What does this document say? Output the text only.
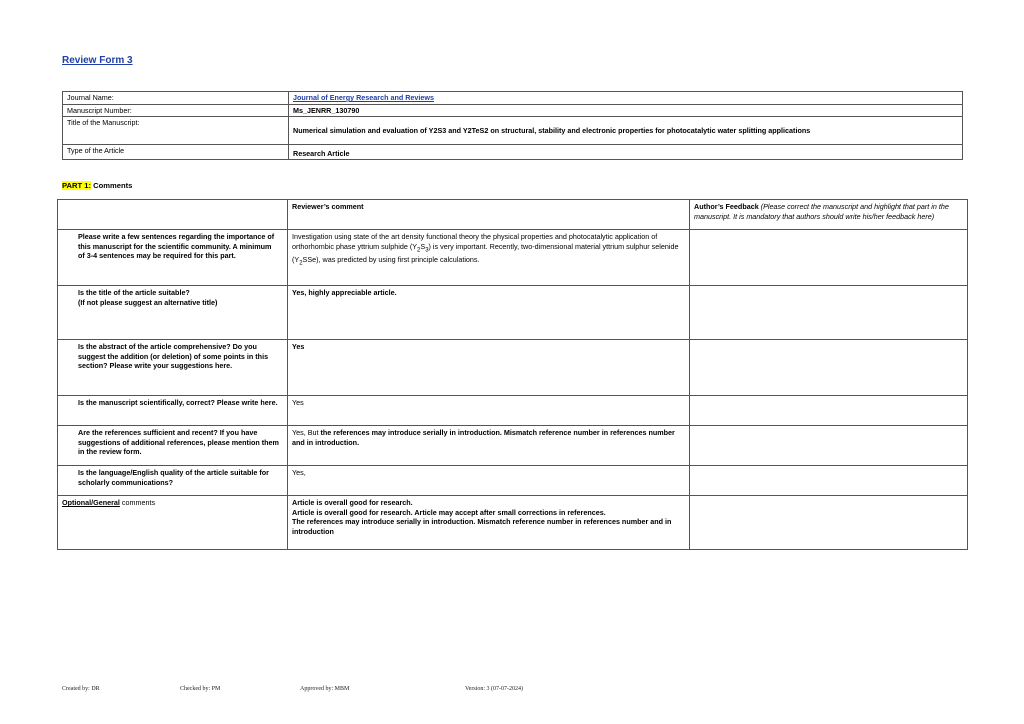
Review Form 3
Journal Name:	Journal of Energy Research and Reviews
Manuscript Number:	Ms_JENRR_130790
Title of the Manuscript:	Numerical simulation and evaluation of Y2S3 and Y2TeS2 on structural, stability and electronic properties for photocatalytic water splitting applications
Type of the Article	Research Article
PART 1: Comments
	Reviewer’s comment	Author’s Feedback (Please correct the manuscript and highlight that part in the manuscript. It is mandatory that authors should write his/her feedback here)
Please write a few sentences regarding the importance of this manuscript for the scientific community. A minimum of 3-4 sentences may be required for this part.	Investigation using state of the art density functional theory the physical properties and photocatalytic application of orthorhombic phase yttrium sulphide $(Y_2S_3)$ is very important. Recently, two-dimensional material yttrium sulphur selenide $(Y_2SSe)$, was predicted by using first principle calculations.	
Is the title of the article suitable?
(If not please suggest an alternative title)	Yes, highly appreciable article.	
Is the abstract of the article comprehensive? Do you suggest the addition (or deletion) of some points in this section? Please write your suggestions here.	Yes	
Is the manuscript scientifically, correct? Please write here.	Yes	
Are the references sufficient and recent? If you have suggestions of additional references, please mention them in the review form.	Yes, But the references may introduce serially in introduction. Mismatch reference number in references number and in introduction.	
Is the language/English quality of the article suitable for scholarly communications?	Yes,	
Optional/General comments	Article is overall good for research.
Article is overall good for research. Article may accept after small corrections in references.
The references may introduce serially in introduction. Mismatch reference number in references number and in introduction	
Created by: DR	Checked by: PM	Approved by: MBM	Version: 3 (07-07-2024)
